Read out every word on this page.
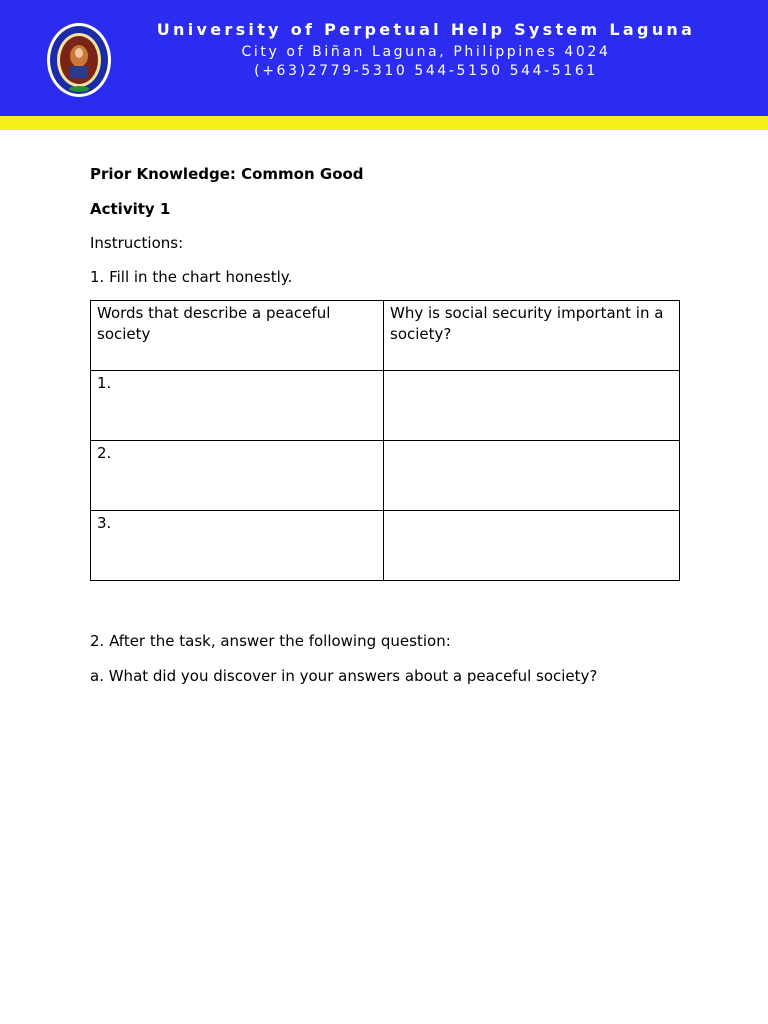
University of Perpetual Help System Laguna
City of Biñan Laguna, Philippines 4024
(+63)2779-5310 544-5150 544-5161

Prior Knowledge: Common Good

Activity 1

Instructions:

1. Fill in the chart honestly.

Words that describe a peaceful society	Why is social security important in a society?
1.	
2.	
3.	

2. After the task, answer the following question:

a. What did you discover in your answers about a peaceful society?
